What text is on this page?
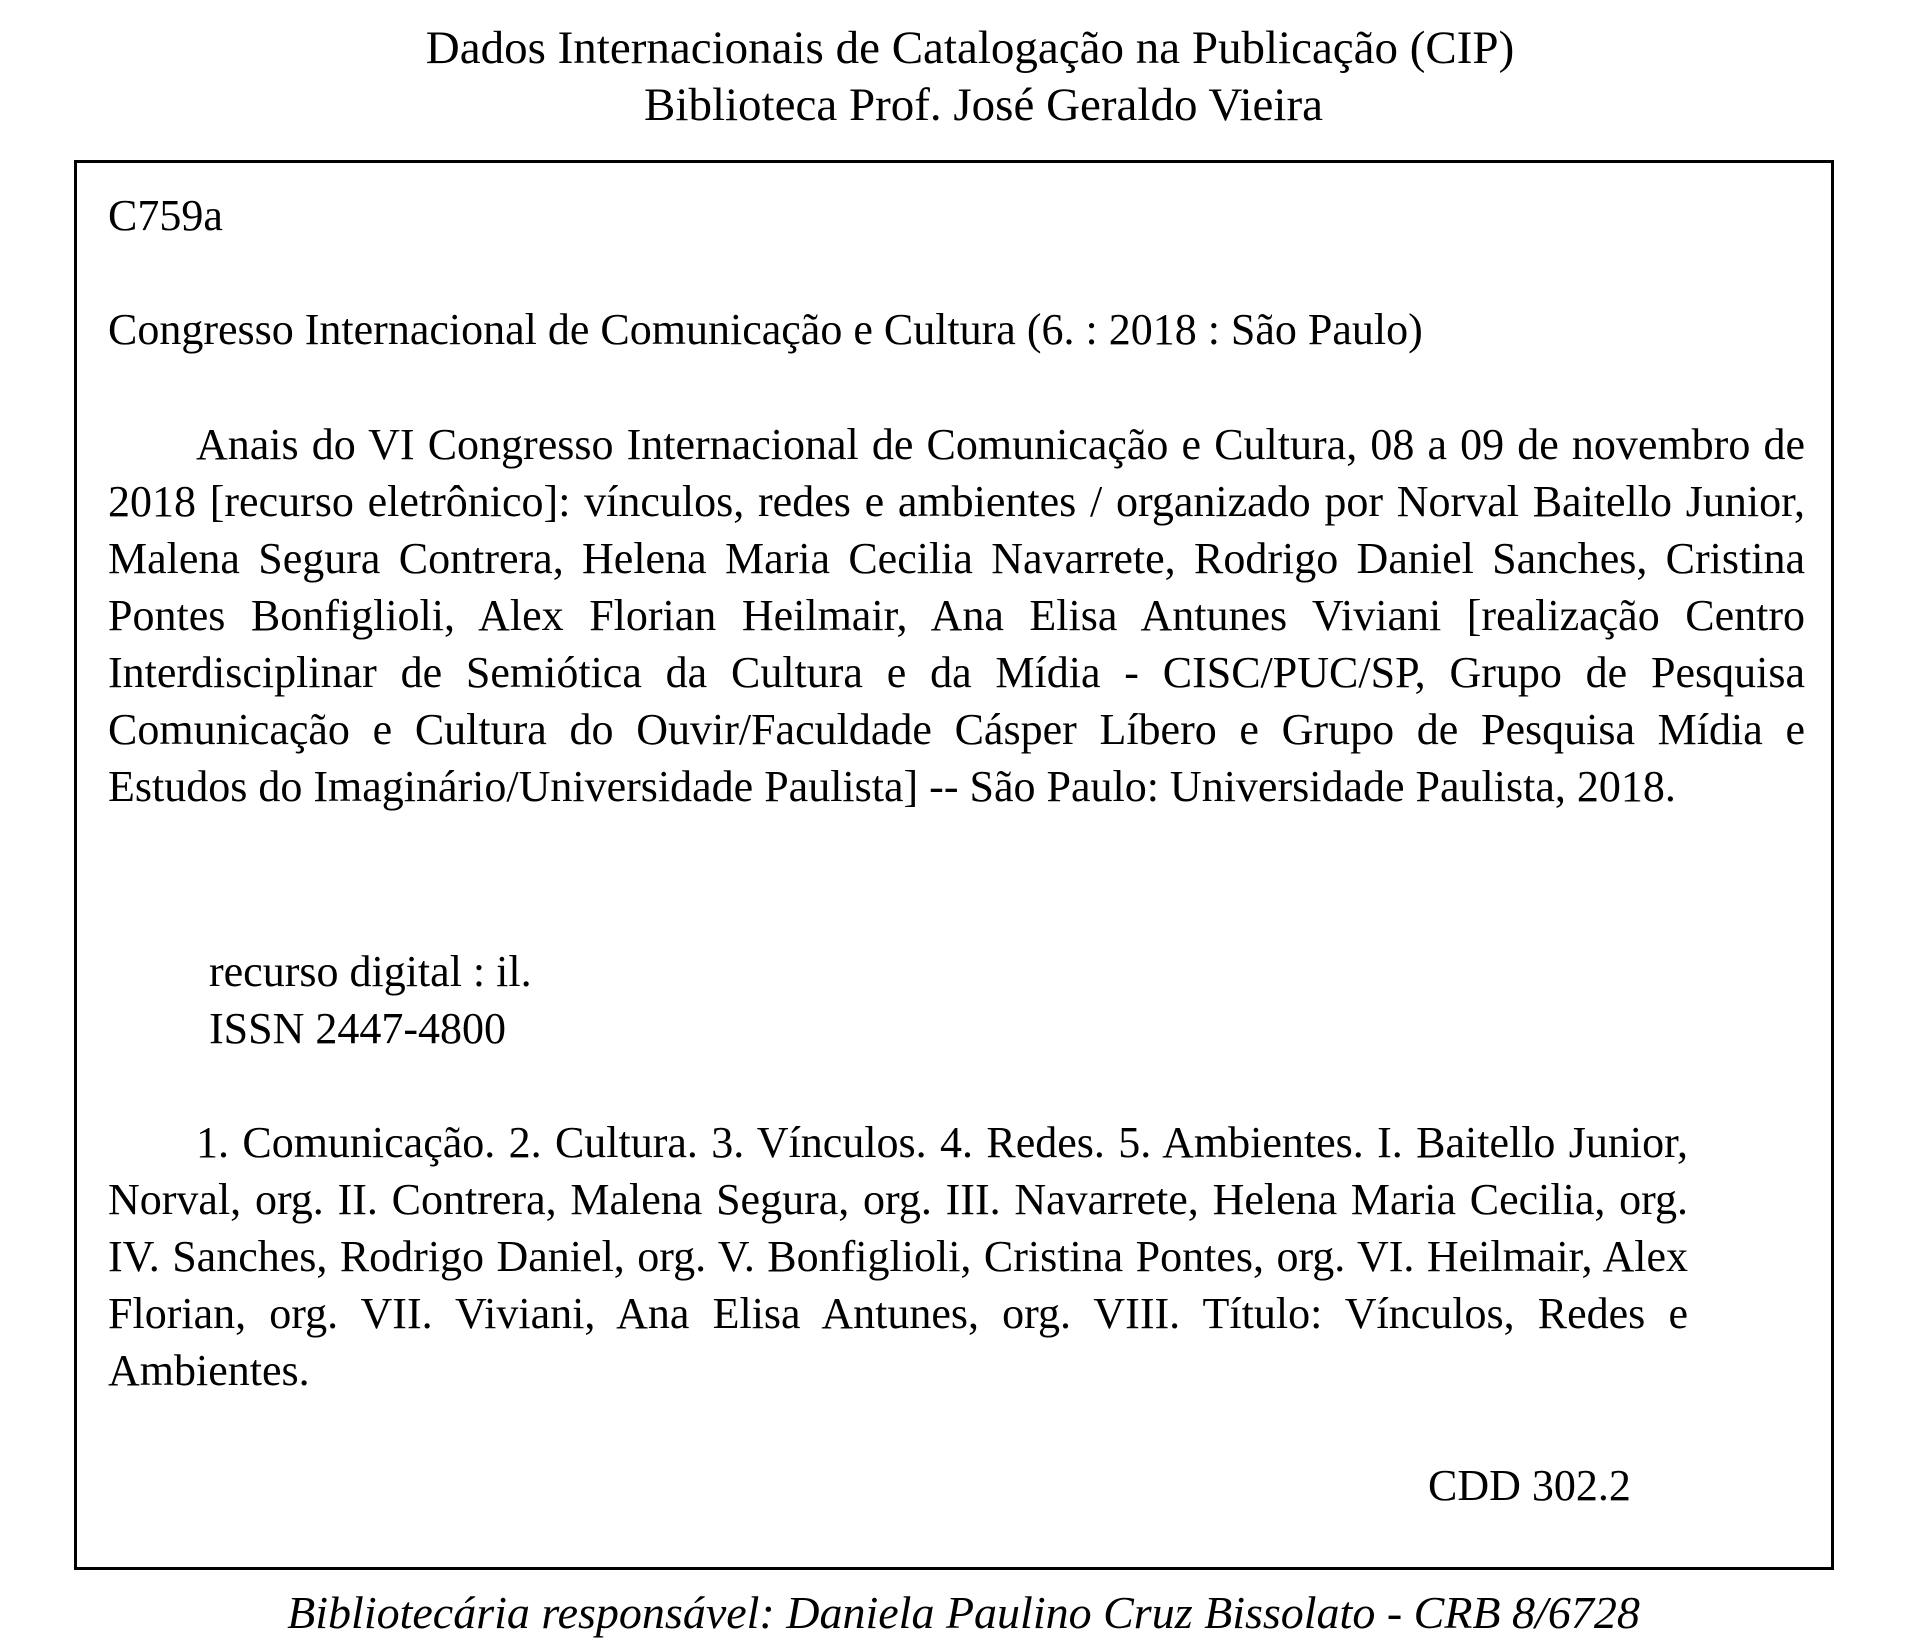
Dados Internacionais de Catalogação na Publicação (CIP)
Biblioteca Prof. José Geraldo Vieira
C759a
Congresso Internacional de Comunicação e Cultura (6. : 2018 : São Paulo)

Anais do VI Congresso Internacional de Comunicação e Cultura, 08 a 09 de novembro de 2018 [recurso eletrônico]: vínculos, redes e ambientes / organizado por Norval Baitello Junior, Malena Segura Contrera, Helena Maria Cecilia Navarrete, Rodrigo Daniel Sanches, Cristina Pontes Bonfiglioli, Alex Florian Heilmair, Ana Elisa Antunes Viviani [realização Centro Interdisciplinar de Semiótica da Cultura e da Mídia - CISC/PUC/SP, Grupo de Pesquisa Comunicação e Cultura do Ouvir/Faculdade Cásper Líbero e Grupo de Pesquisa Mídia e Estudos do Imaginário/Universidade Paulista] -- São Paulo: Universidade Paulista, 2018.

recurso digital : il.
ISSN 2447-4800

1. Comunicação. 2. Cultura. 3. Vínculos. 4. Redes. 5. Ambientes. I. Baitello Junior, Norval, org. II. Contrera, Malena Segura, org. III. Navarrete, Helena Maria Cecilia, org. IV. Sanches, Rodrigo Daniel, org. V. Bonfiglioli, Cristina Pontes, org. VI. Heilmair, Alex Florian, org. VII. Viviani, Ana Elisa Antunes, org. VIII. Título: Vínculos, Redes e Ambientes.

CDD 302.2
Bibliotecária responsável: Daniela Paulino Cruz Bissolato - CRB 8/6728
